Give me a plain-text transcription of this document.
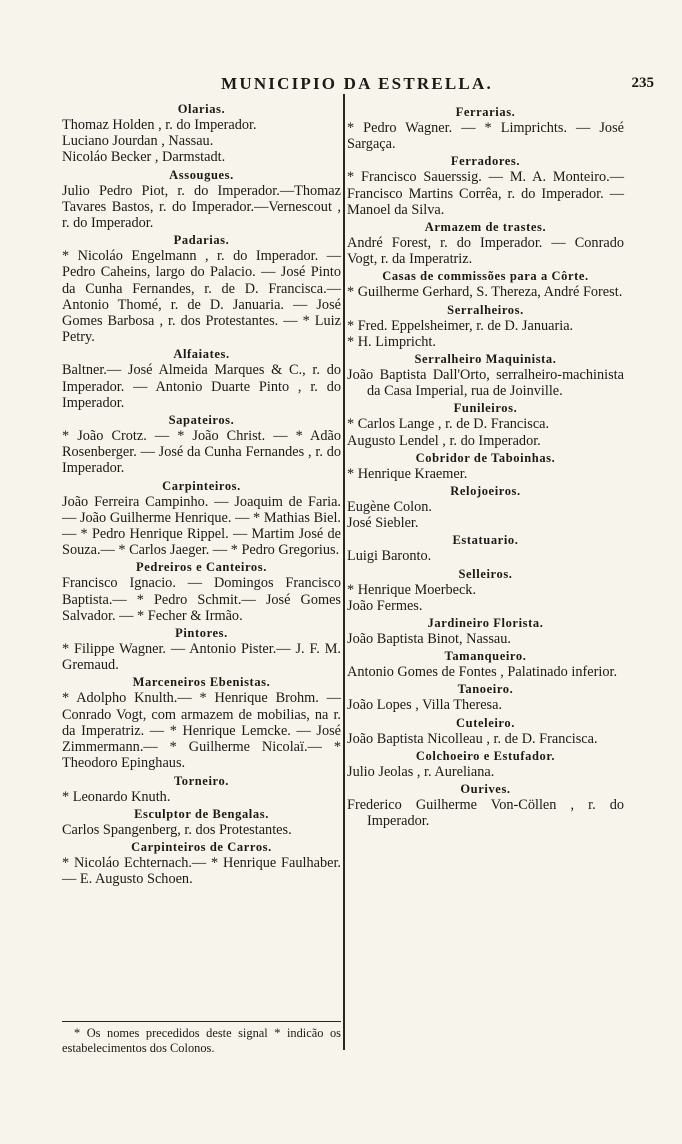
MUNICIPIO DA ESTRELLA.	235
Olarias.
Thomaz Holden , r. do Imperador.
Luciano Jourdan , Nassau.
Nicoláo Becker , Darmstadt.
Assougues.
Julio Pedro Piot, r. do Imperador.—Thomaz Tavares Bastos, r. do Imperador.—Vernescout , r. do Imperador.
Padarias.
* Nicoláo Engelmann , r. do Imperador. — Pedro Caheins, largo do Palacio. — José Pinto da Cunha Fernandes, r. de D. Francisca.—Antonio Thomé, r. de D. Januaria. — José Gomes Barbosa , r. dos Protestantes. — * Luiz Petry.
Alfaiates.
Baltner.— José Almeida Marques & C., r. do Imperador. — Antonio Duarte Pinto , r. do Imperador.
Sapateiros.
* João Crotz. — * João Christ. — * Adão Rosenberger. — José da Cunha Fernandes , r. do Imperador.
Carpinteiros.
João Ferreira Campinho. — Joaquim de Faria. — João Guilherme Henrique. — * Mathias Biel.— * Pedro Henrique Rippel. — Martim José de Souza.— * Carlos Jaeger. — * Pedro Gregorius.
Pedreiros e Canteiros.
Francisco Ignacio. — Domingos Francisco Baptista.— * Pedro Schmit.— José Gomes Salvador. — * Fecher & Irmão.
Pintores.
* Filippe Wagner. — Antonio Pister.— J. F. M. Gremaud.
Marceneiros Ebenistas.
* Adolpho Knulth.— * Henrique Brohm. —Conrado Vogt, com armazem de mobilias, na r. da Imperatriz. — * Henrique Lemcke. — José Zimmermann.— * Guilherme Nicolaï.— * Theodoro Epinghaus.
Torneiro.
* Leonardo Knuth.
Esculptor de Bengalas.
Carlos Spangenberg, r. dos Protestantes.
Carpinteiros de Carros.
* Nicoláo Echternach.— * Henrique Faulhaber. — E. Augusto Schoen.
Ferrarias.
* Pedro Wagner. — * Limprichts. — José Sargaça.
Ferradores.
* Francisco Sauerssig. — M. A. Monteiro.— Francisco Martins Corrêa, r. do Imperador. — Manoel da Silva.
Armazem de trastes.
André Forest, r. do Imperador. — Conrado Vogt, r. da Imperatriz.
Casas de commissões para a Côrte.
* Guilherme Gerhard, S. Thereza, André Forest.
Serralheiros.
* Fred. Eppelsheimer, r. de D. Januaria.
* H. Limpricht.
Serralheiro Maquinista.
João Baptista Dall'Orto, serralheiro-machinista da Casa Imperial, rua de Joinville.
Funileiros.
* Carlos Lange , r. de D. Francisca.
Augusto Lendel , r. do Imperador.
Cobridor de Taboinhas.
* Henrique Kraemer.
Relojoeiros.
Eugène Colon.
José Siebler.
Estatuario.
Luigi Baronto.
Selleiros.
* Henrique Moerbeck.
João Fermes.
Jardineiro Florista.
João Baptista Binot, Nassau.
Tamanqueiro.
Antonio Gomes de Fontes , Palatinado inferior.
Tanoeiro.
João Lopes , Villa Theresa.
Cuteleiro.
João Baptista Nicolleau , r. de D. Francisca.
Colchoeiro e Estufador.
Julio Jeolas , r. Aureliana.
Ourives.
Frederico Guilherme Von-Cöllen , r. do Imperador.
* Os nomes precedidos deste signal * indicão os estabelecimentos dos Colonos.
